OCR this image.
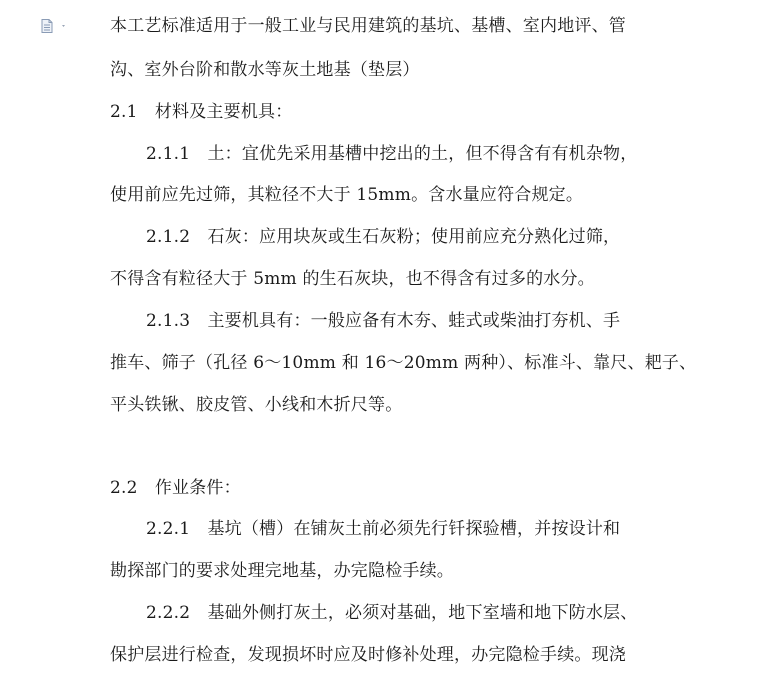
本工艺标准适用于一般工业与民用建筑的基坑、基槽、室内地评、管
沟、室外台阶和散水等灰土地基（垫层）
2.1　材料及主要机具：
2.1.1　土：宜优先采用基槽中挖出的土，但不得含有有机杂物，
使用前应先过筛，其粒径不大于 15mm。含水量应符合规定。
2.1.2　石灰：应用块灰或生石灰粉；使用前应充分熟化过筛，
不得含有粒径大于 5mm 的生石灰块，也不得含有过多的水分。
2.1.3　主要机具有：一般应备有木夯、蛙式或柴油打夯机、手
推车、筛子（孔径 6～10mm 和 16～20mm 两种）、标准斗、靠尺、耙子、
平头铁锹、胶皮管、小线和木折尺等。
2.2　作业条件：
2.2.1　基坑（槽）在铺灰土前必须先行钎探验槽，并按设计和
勘探部门的要求处理完地基，办完隐检手续。
2.2.2　基础外侧打灰土，必须对基础，地下室墙和地下防水层、
保护层进行检查，发现损坏时应及时修补处理，办完隐检手续。现浇
